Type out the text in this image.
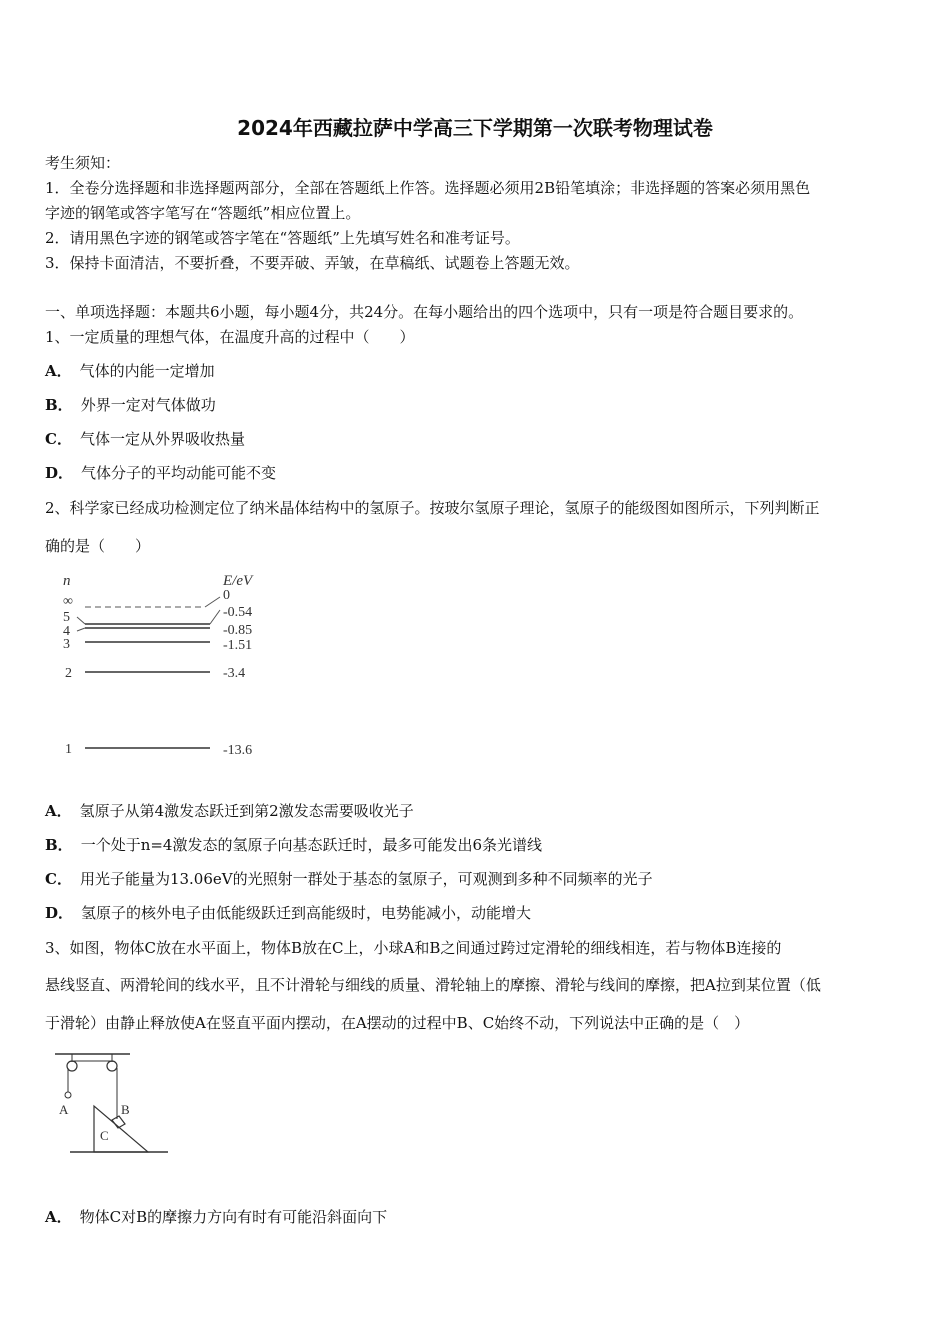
2024年西藏拉萨中学高三下学期第一次联考物理试卷
考生须知：
1．全卷分选择题和非选择题两部分，全部在答题纸上作答。选择题必须用2B铅笔填涂；非选择题的答案必须用黑色
字迹的钢笔或答字笔写在“答题纸”相应位置上。
2．请用黑色字迹的钢笔或答字笔在“答题纸”上先填写姓名和准考证号。
3．保持卡面清洁，不要折叠，不要弄破、弄皱，在草稿纸、试题卷上答题无效。
一、单项选择题：本题共6小题，每小题4分，共24分。在每小题给出的四个选项中，只有一项是符合题目要求的。
1、一定质量的理想气体，在温度升高的过程中（　　）
A． 气体的内能一定增加
B． 外界一定对气体做功
C． 气体一定从外界吸收热量
D． 气体分子的平均动能可能不变
2、科学家已经成功检测定位了纳米晶体结构中的氢原子。按玻尔氢原子理论，氢原子的能级图如图所示，下列判断正
确的是（　　）
n	E/eV
∞	0
5	-0.54
4	-0.85
3	-1.51
2	-3.4
1	-13.6
A． 氢原子从第4激发态跃迁到第2激发态需要吸收光子
B． 一个处于n=4激发态的氢原子向基态跃迁时，最多可能发出6条光谱线
C． 用光子能量为13.06eV的光照射一群处于基态的氢原子，可观测到多种不同频率的光子
D． 氢原子的核外电子由低能级跃迁到高能级时，电势能减小，动能增大
3、如图，物体C放在水平面上，物体B放在C上，小球A和B之间通过跨过定滑轮的细线相连，若与物体B连接的
悬线竖直、两滑轮间的线水平，且不计滑轮与细线的质量、滑轮轴上的摩擦、滑轮与线间的摩擦，把A拉到某位置（低
于滑轮）由静止释放使A在竖直平面内摆动，在A摆动的过程中B、C始终不动，下列说法中正确的是（　）
A	B
C
A． 物体C对B的摩擦力方向有时有可能沿斜面向下
